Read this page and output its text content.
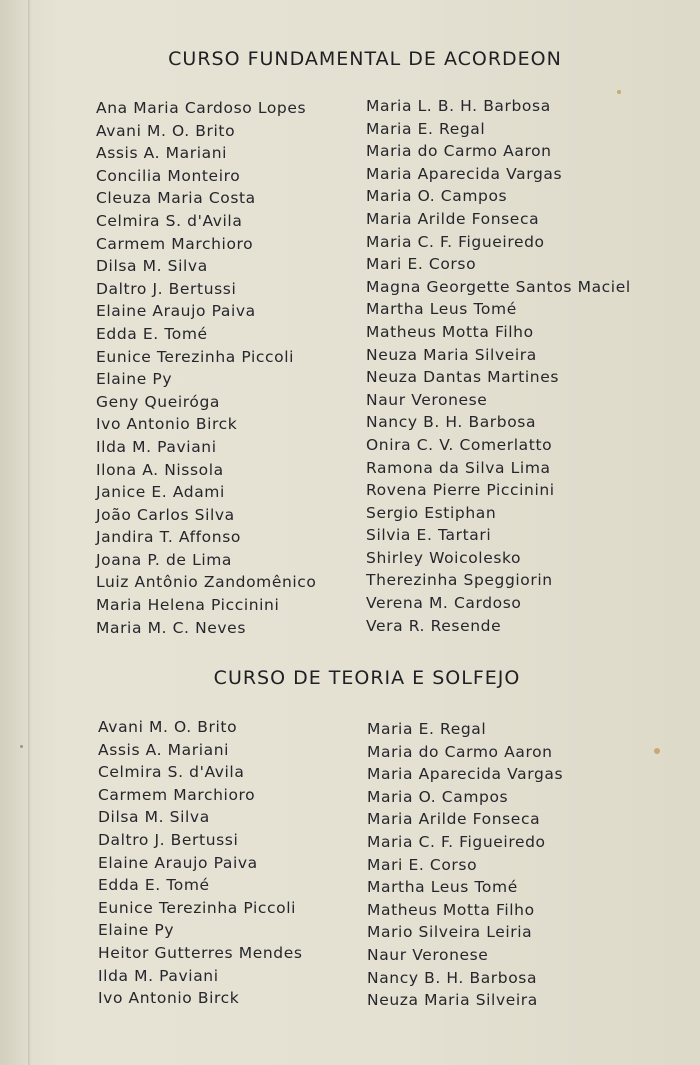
CURSO FUNDAMENTAL DE ACORDEON
Ana Maria Cardoso Lopes
Avani M. O. Brito
Assis A. Mariani
Concilia Monteiro
Cleuza Maria Costa
Celmira S. d'Avila
Carmem Marchioro
Dilsa M. Silva
Daltro J. Bertussi
Elaine Araujo Paiva
Edda E. Tomé
Eunice Terezinha Piccoli
Elaine Py
Geny Queiróga
Ivo Antonio Birck
Ilda M. Paviani
Ilona A. Nissola
Janice E. Adami
João Carlos Silva
Jandira T. Affonso
Joana P. de Lima
Luiz Antônio Zandomênico
Maria Helena Piccinini
Maria M. C. Neves
Maria L. B. H. Barbosa
Maria E. Regal
Maria do Carmo Aaron
Maria Aparecida Vargas
Maria O. Campos
Maria Arilde Fonseca
Maria C. F. Figueiredo
Mari E. Corso
Magna Georgette Santos Maciel
Martha Leus Tomé
Matheus Motta Filho
Neuza Maria Silveira
Neuza Dantas Martines
Naur Veronese
Nancy B. H. Barbosa
Onira C. V. Comerlatto
Ramona da Silva Lima
Rovena Pierre Piccinini
Sergio Estiphan
Silvia E. Tartari
Shirley Woicolesko
Therezinha Speggiorin
Verena M. Cardoso
Vera R. Resende
CURSO DE TEORIA E SOLFEJO
Avani M. O. Brito
Assis A. Mariani
Celmira S. d'Avila
Carmem Marchioro
Dilsa M. Silva
Daltro J. Bertussi
Elaine Araujo Paiva
Edda E. Tomé
Eunice Terezinha Piccoli
Elaine Py
Heitor Gutterres Mendes
Ilda M. Paviani
Ivo Antonio Birck
Maria E. Regal
Maria do Carmo Aaron
Maria Aparecida Vargas
Maria O. Campos
Maria Arilde Fonseca
Maria C. F. Figueiredo
Mari E. Corso
Martha Leus Tomé
Matheus Motta Filho
Mario Silveira Leiria
Naur Veronese
Nancy B. H. Barbosa
Neuza Maria Silveira
